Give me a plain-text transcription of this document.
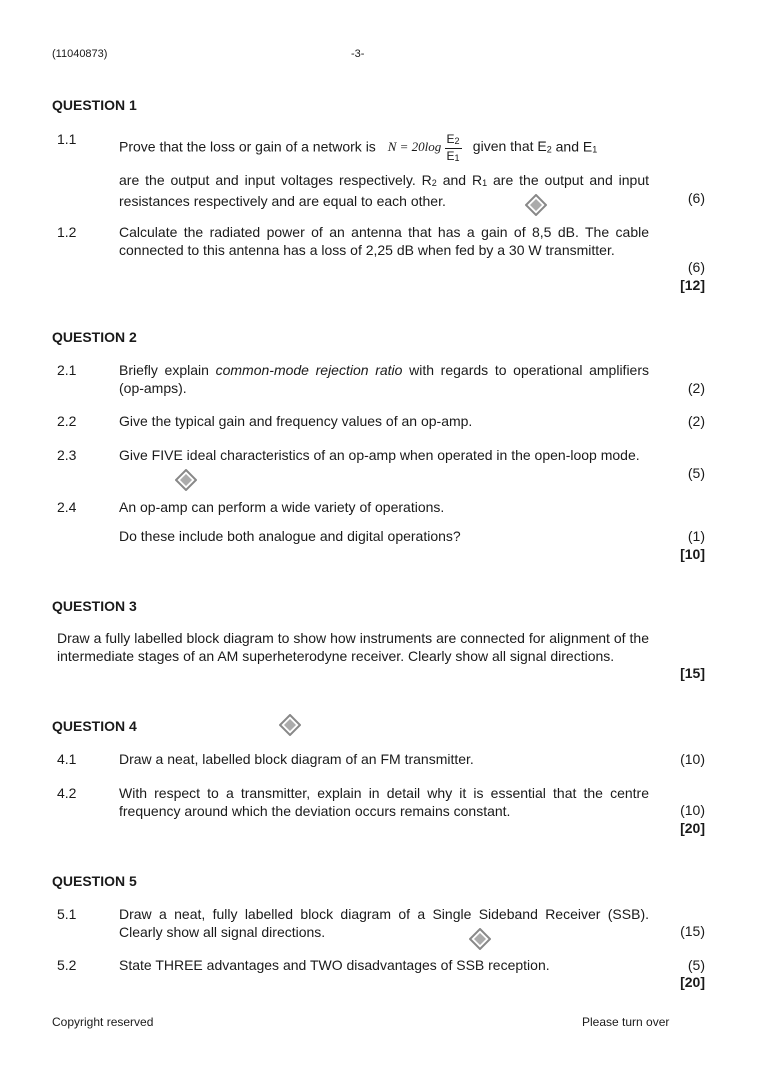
(11040873)	-3-
QUESTION 1
1.1	Prove that the loss or gain of a network is $N = 20\log \frac{E_2}{E_1}$ given that $E_2$ and $E_1$
are the output and input voltages respectively. $R_2$ and $R_1$ are the output and input resistances respectively and are equal to each other.	(6)
1.2	Calculate the radiated power of an antenna that has a gain of 8,5 dB. The cable connected to this antenna has a loss of 2,25 dB when fed by a 30 W transmitter.
(6)
[12]
QUESTION 2
2.1	Briefly explain common-mode rejection ratio with regards to operational amplifiers (op-amps).	(2)
2.2	Give the typical gain and frequency values of an op-amp.	(2)
2.3	Give FIVE ideal characteristics of an op-amp when operated in the open-loop mode.
(5)
2.4	An op-amp can perform a wide variety of operations.
Do these include both analogue and digital operations?	(1)
[10]
QUESTION 3
Draw a fully labelled block diagram to show how instruments are connected for alignment of the intermediate stages of an AM superheterodyne receiver. Clearly show all signal directions.
[15]
QUESTION 4
4.1	Draw a neat, labelled block diagram of an FM transmitter.	(10)
4.2	With respect to a transmitter, explain in detail why it is essential that the centre frequency around which the deviation occurs remains constant.	(10)
[20]
QUESTION 5
5.1	Draw a neat, fully labelled block diagram of a Single Sideband Receiver (SSB). Clearly show all signal directions.	(15)
5.2	State THREE advantages and TWO disadvantages of SSB reception.	(5)
[20]
Copyright reserved	Please turn over
